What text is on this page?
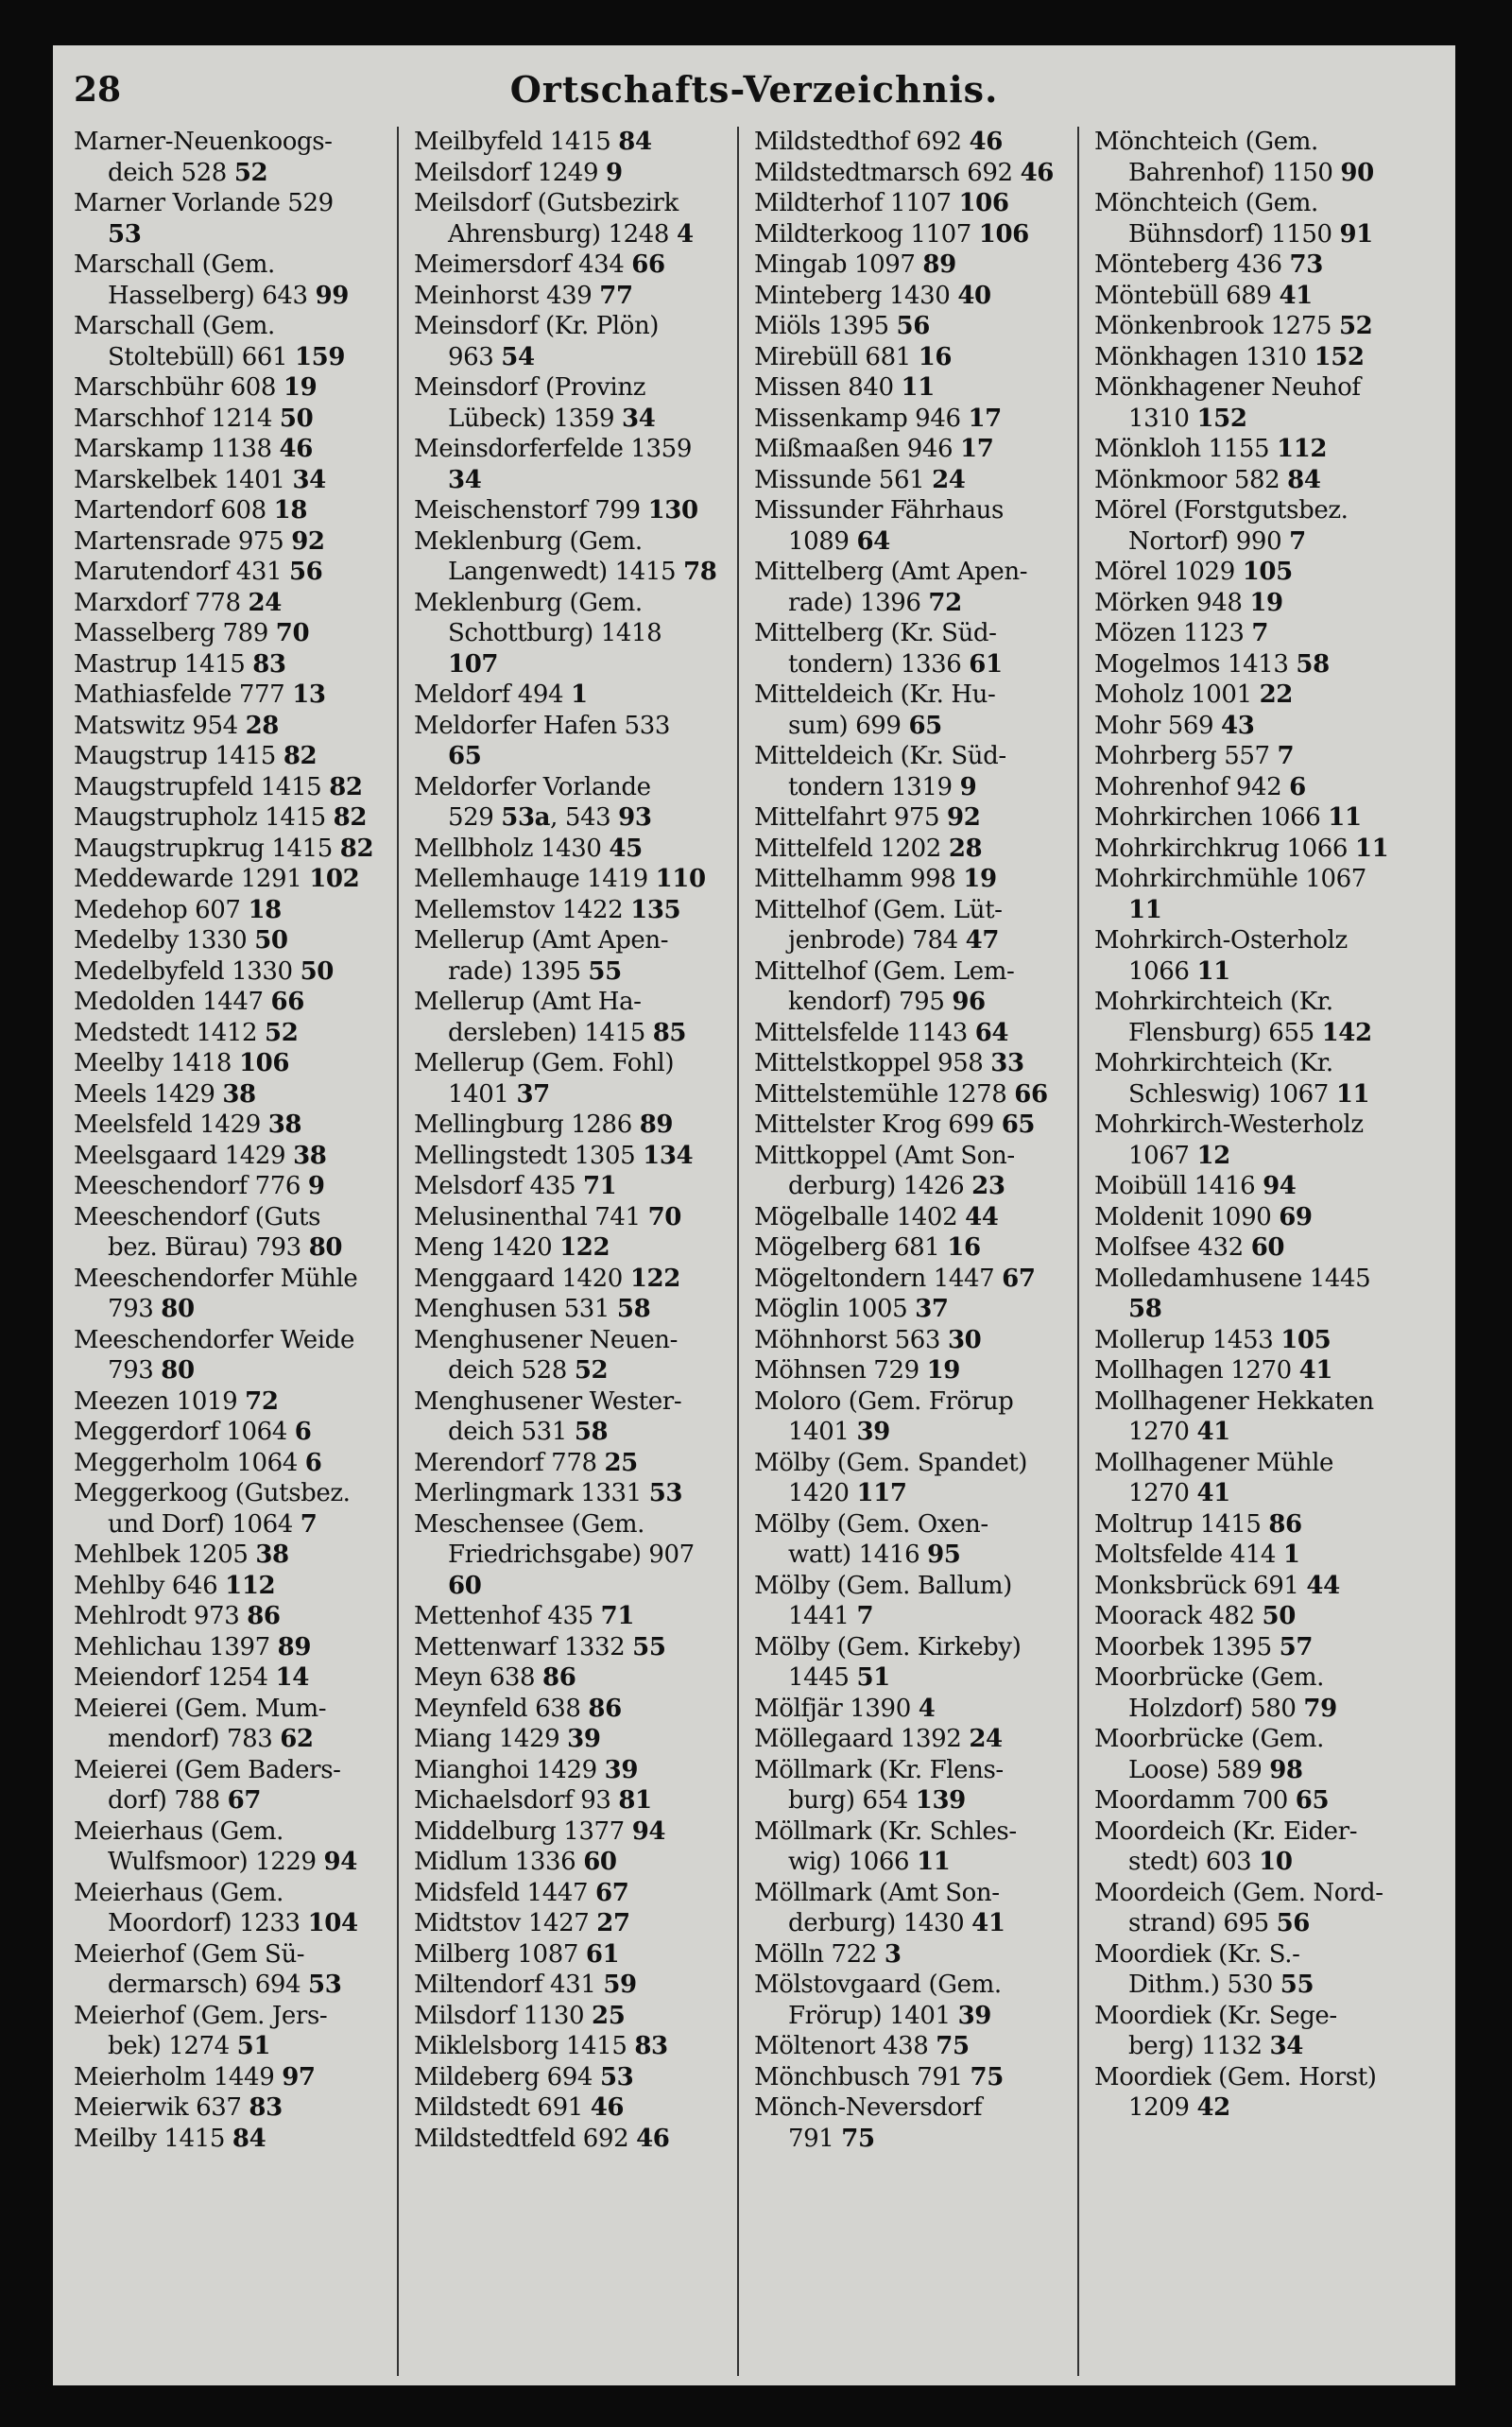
28	Ortschafts-Verzeichnis.
Marner-Neuenkoogs-
deich 528 52
Marner Vorlande 529
53
Marschall (Gem.
Hasselberg) 643 99
Marschall (Gem.
Stoltebüll) 661 159
Marschbühr 608 19
Marschhof 1214 50
Marskamp 1138 46
Marskelbek 1401 34
Martendorf 608 18
Martensrade 975 92
Marutendorf 431 56
Marxdorf 778 24
Masselberg 789 70
Mastrup 1415 83
Mathiasfelde 777 13
Matswitz 954 28
Maugstrup 1415 82
Maugstrupfeld 1415 82
Maugstrupholz 1415 82
Maugstrupkrug 1415 82
Meddewarde 1291 102
Medehop 607 18
Medelby 1330 50
Medelbyfeld 1330 50
Medolden 1447 66
Medstedt 1412 52
Meelby 1418 106
Meels 1429 38
Meelsfeld 1429 38
Meelsgaard 1429 38
Meeschendorf 776 9
Meeschendorf (Guts
bez. Bürau) 793 80
Meeschendorfer Mühle
793 80
Meeschendorfer Weide
793 80
Meezen 1019 72
Meggerdorf 1064 6
Meggerholm 1064 6
Meggerkoog (Gutsbez.
und Dorf) 1064 7
Mehlbek 1205 38
Mehlby 646 112
Mehlrodt 973 86
Mehlichau 1397 89
Meiendorf 1254 14
Meierei (Gem. Mum-
mendorf) 783 62
Meierei (Gem Baders-
dorf) 788 67
Meierhaus (Gem.
Wulfsmoor) 1229 94
Meierhaus (Gem.
Moordorf) 1233 104
Meierhof (Gem Sü-
dermarsch) 694 53
Meierhof (Gem. Jers-
bek) 1274 51
Meierholm 1449 97
Meierwik 637 83
Meilby 1415 84
Meilbyfeld 1415 84
Meilsdorf 1249 9
Meilsdorf (Gutsbezirk
Ahrensburg) 1248 4
Meimersdorf 434 66
Meinhorst 439 77
Meinsdorf (Kr. Plön)
963 54
Meinsdorf (Provinz
Lübeck) 1359 34
Meinsdorferfelde 1359
34
Meischenstorf 799 130
Meklenburg (Gem.
Langenwedt) 1415 78
Meklenburg (Gem.
Schottburg) 1418
107
Meldorf 494 1
Meldorfer Hafen 533
65
Meldorfer Vorlande
529 53a, 543 93
Mellbholz 1430 45
Mellemhauge 1419 110
Mellemstov 1422 135
Mellerup (Amt Apen-
rade) 1395 55
Mellerup (Amt Ha-
dersleben) 1415 85
Mellerup (Gem. Fohl)
1401 37
Mellingburg 1286 89
Mellingstedt 1305 134
Melsdorf 435 71
Melusinenthal 741 70
Meng 1420 122
Menggaard 1420 122
Menghusen 531 58
Menghusener Neuen-
deich 528 52
Menghusener Wester-
deich 531 58
Merendorf 778 25
Merlingmark 1331 53
Meschensee (Gem.
Friedrichsgabe) 907
60
Mettenhof 435 71
Mettenwarf 1332 55
Meyn 638 86
Meynfeld 638 86
Miang 1429 39
Mianghoi 1429 39
Michaelsdorf 93 81
Middelburg 1377 94
Midlum 1336 60
Midsfeld 1447 67
Midtstov 1427 27
Milberg 1087 61
Miltendorf 431 59
Milsdorf 1130 25
Miklelsborg 1415 83
Mildeberg 694 53
Mildstedt 691 46
Mildstedtfeld 692 46
Mildstedthof 692 46
Mildstedtmarsch 692 46
Mildterhof 1107 106
Mildterkoog 1107 106
Mingab 1097 89
Minteberg 1430 40
Miöls 1395 56
Mirebüll 681 16
Missen 840 11
Missenkamp 946 17
Mißmaaßen 946 17
Missunde 561 24
Missunder Fährhaus
1089 64
Mittelberg (Amt Apen-
rade) 1396 72
Mittelberg (Kr. Süd-
tondern) 1336 61
Mitteldeich (Kr. Hu-
sum) 699 65
Mitteldeich (Kr. Süd-
tondern 1319 9
Mittelfahrt 975 92
Mittelfeld 1202 28
Mittelhamm 998 19
Mittelhof (Gem. Lüt-
jenbrode) 784 47
Mittelhof (Gem. Lem-
kendorf) 795 96
Mittelsfelde 1143 64
Mittelstkoppel 958 33
Mittelstemühle 1278 66
Mittelster Krog 699 65
Mittkoppel (Amt Son-
derburg) 1426 23
Mögelballe 1402 44
Mögelberg 681 16
Mögeltondern 1447 67
Möglin 1005 37
Möhnhorst 563 30
Möhnsen 729 19
Moloro (Gem. Frörup
1401 39
Mölby (Gem. Spandet)
1420 117
Mölby (Gem. Oxen-
watt) 1416 95
Mölby (Gem. Ballum)
1441 7
Mölby (Gem. Kirkeby)
1445 51
Mölfjär 1390 4
Möllegaard 1392 24
Möllmark (Kr. Flens-
burg) 654 139
Möllmark (Kr. Schles-
wig) 1066 11
Möllmark (Amt Son-
derburg) 1430 41
Mölln 722 3
Mölstovgaard (Gem.
Frörup) 1401 39
Möltenort 438 75
Mönchbusch 791 75
Mönch-Neversdorf
791 75
Mönchteich (Gem.
Bahrenhof) 1150 90
Mönchteich (Gem.
Bühnsdorf) 1150 91
Mönteberg 436 73
Möntebüll 689 41
Mönkenbrook 1275 52
Mönkhagen 1310 152
Mönkhagener Neuhof
1310 152
Mönkloh 1155 112
Mönkmoor 582 84
Mörel (Forstgutsbez.
Nortorf) 990 7
Mörel 1029 105
Mörken 948 19
Mözen 1123 7
Mogelmos 1413 58
Moholz 1001 22
Mohr 569 43
Mohrberg 557 7
Mohrenhof 942 6
Mohrkirchen 1066 11
Mohrkirchkrug 1066 11
Mohrkirchmühle 1067
11
Mohrkirch-Osterholz
1066 11
Mohrkirchteich (Kr.
Flensburg) 655 142
Mohrkirchteich (Kr.
Schleswig) 1067 11
Mohrkirch-Westerholz
1067 12
Moibüll 1416 94
Moldenit 1090 69
Molfsee 432 60
Molledamhusene 1445
58
Mollerup 1453 105
Mollhagen 1270 41
Mollhagener Hekkaten
1270 41
Mollhagener Mühle
1270 41
Moltrup 1415 86
Moltsfelde 414 1
Monksbrück 691 44
Moorack 482 50
Moorbek 1395 57
Moorbrücke (Gem.
Holzdorf) 580 79
Moorbrücke (Gem.
Loose) 589 98
Moordamm 700 65
Moordeich (Kr. Eider-
stedt) 603 10
Moordeich (Gem. Nord-
strand) 695 56
Moordiek (Kr. S.-
Dithm.) 530 55
Moordiek (Kr. Sege-
berg) 1132 34
Moordiek (Gem. Horst)
1209 42
